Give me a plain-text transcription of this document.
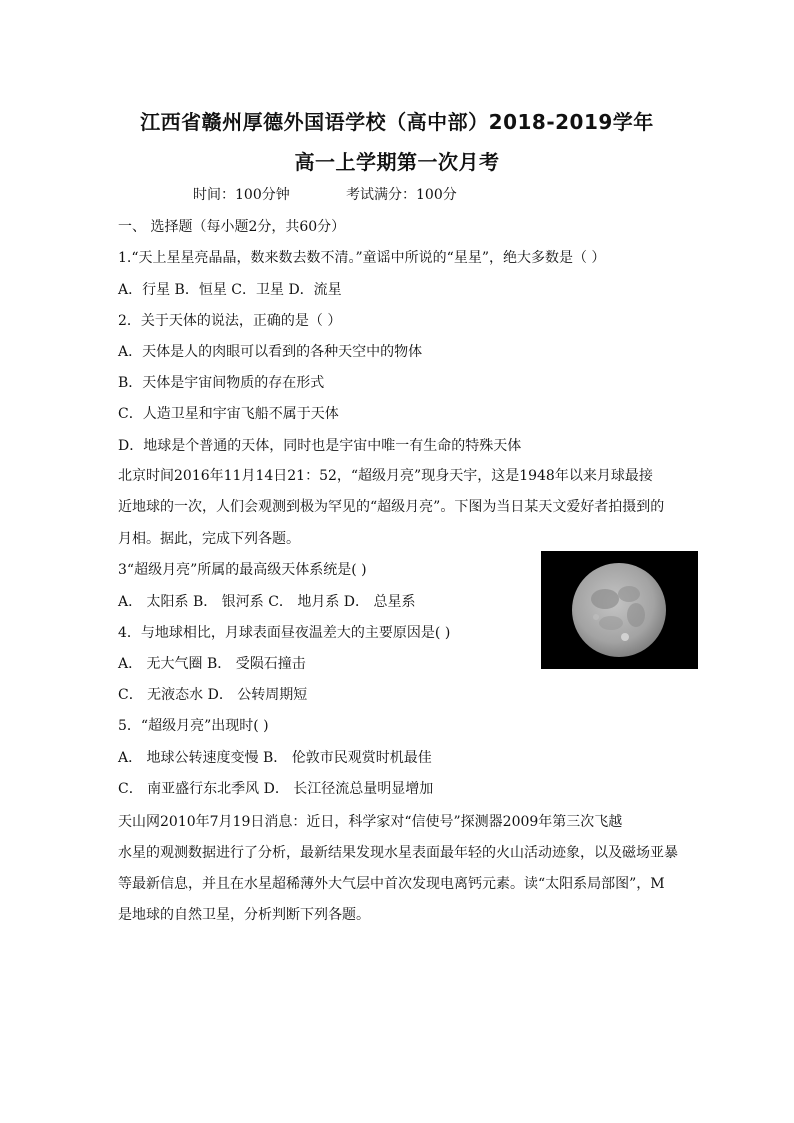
江西省赣州厚德外国语学校（高中部）2018-2019学年
高一上学期第一次月考
时间：100分钟	考试满分：100分
一、 选择题（每小题2分，共60分）
1.“天上星星亮晶晶，数来数去数不清。”童谣中所说的“星星”，绝大多数是（ ）
A．行星 B．恒星 C．卫星 D．流星
2．关于天体的说法，正确的是（ ）
A．天体是人的肉眼可以看到的各种天空中的物体
B．天体是宇宙间物质的存在形式
C．人造卫星和宇宙飞船不属于天体
D．地球是个普通的天体，同时也是宇宙中唯一有生命的特殊天体
北京时间2016年11月14日21：52，“超级月亮”现身天宇，这是1948年以来月球最接
近地球的一次，人们会观测到极为罕见的“超级月亮”。下图为当日某天文爱好者拍摄到的
月相。据此，完成下列各题。
3“超级月亮”所属的最高级天体系统是( )
A． 太阳系 B． 银河系 C． 地月系 D． 总星系
4．与地球相比，月球表面昼夜温差大的主要原因是( )
A． 无大气圈 B． 受陨石撞击
C． 无液态水 D． 公转周期短
5．“超级月亮”出现时( )
A． 地球公转速度变慢 B． 伦敦市民观赏时机最佳
C． 南亚盛行东北季风 D． 长江径流总量明显增加
天山网2010年7月19日消息：近日，科学家对“信使号”探测器2009年第三次飞越
水星的观测数据进行了分析，最新结果发现水星表面最年轻的火山活动迹象，以及磁场亚暴
等最新信息，并且在水星超稀薄外大气层中首次发现电离钙元素。读“太阳系局部图”，M
是地球的自然卫星，分析判断下列各题。
